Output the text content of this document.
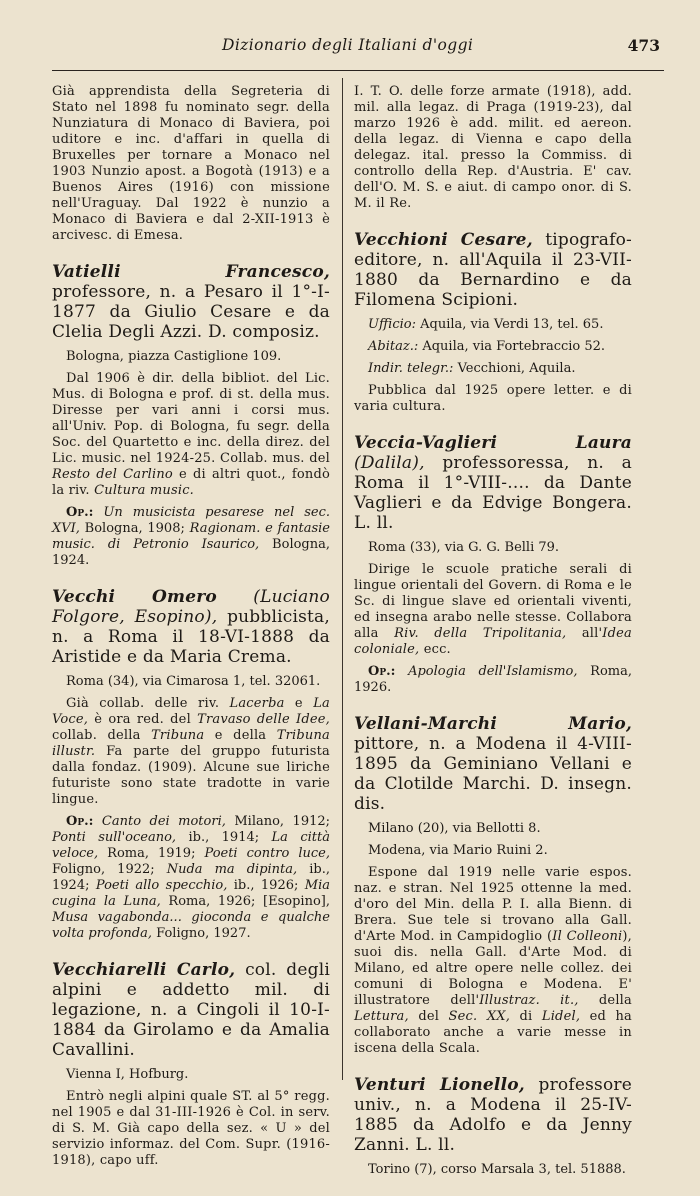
Dizionario degli Italiani d'oggi	473

Già apprendista della Segreteria di Stato nel 1898 fu nominato segr. della Nunziatura di Monaco di Baviera, poi uditore e inc. d'affari in quella di Bruxelles per tornare a Monaco nel 1903 Nunzio apost. a Bogotà (1913) e a Buenos Aires (1916) con missione nell'Uraguay. Dal 1922 è nunzio a Monaco di Baviera e dal 2-XII-1913 è arcivesc. di Emesa.

Vatielli Francesco, professore, n. a Pesaro il 1°-I-1877 da Giulio Cesare e da Clelia Degli Azzi. D. composiz.

Bologna, piazza Castiglione 109.

Dal 1906 è dir. della bibliot. del Lic. Mus. di Bologna e prof. di st. della mus. Diresse per vari anni i corsi mus. all'Univ. Pop. di Bologna, fu segr. della Soc. del Quartetto e inc. della direz. del Lic. music. nel 1924-25. Collab. mus. del Resto del Carlino e di altri quot., fondò la riv. Cultura music.

Op.: Un musicista pesarese nel sec. XVI, Bologna, 1908; Ragionam. e fantasie music. di Petronio Isaurico, Bologna, 1924.

Vecchi Omero (Luciano Folgore, Esopino), pubblicista, n. a Roma il 18-VI-1888 da Aristide e da Maria Crema.

Roma (34), via Cimarosa 1, tel. 32061.

Già collab. delle riv. Lacerba e La Voce, è ora red. del Travaso delle Idee, collab. della Tribuna e della Tribuna illustr. Fa parte del gruppo futurista dalla fondaz. (1909). Alcune sue liriche futuriste sono state tradotte in varie lingue.

Op.: Canto dei motori, Milano, 1912; Ponti sull'oceano, ib., 1914; La città veloce, Roma, 1919; Poeti contro luce, Foligno, 1922; Nuda ma dipinta, ib., 1924; Poeti allo specchio, ib., 1926; Mia cugina la Luna, Roma, 1926; [Esopino], Musa vagabonda... gioconda e qualche volta profonda, Foligno, 1927.

Vecchiarelli Carlo, col. degli alpini e addetto mil. di legazione, n. a Cingoli il 10-I-1884 da Girolamo e da Amalia Cavallini.

Vienna I, Hofburg.

Entrò negli alpini quale ST. al 5° regg. nel 1905 e dal 31-III-1926 è Col. in serv. di S. M. Già capo della sez. « U » del servizio informaz. del Com. Supr. (1916-1918), capo uff.

I. T. O. delle forze armate (1918), add. mil. alla legaz. di Praga (1919-23), dal marzo 1926 è add. milit. ed aereon. della legaz. di Vienna e capo della delegaz. ital. presso la Commiss. di controllo della Rep. d'Austria. E' cav. dell'O. M. S. e aiut. di campo onor. di S. M. il Re.

Vecchioni Cesare, tipografo-editore, n. all'Aquila il 23-VII-1880 da Bernardino e da Filomena Scipioni.

Ufficio: Aquila, via Verdi 13, tel. 65.

Abitaz.: Aquila, via Fortebraccio 52.

Indir. telegr.: Vecchioni, Aquila.

Pubblica dal 1925 opere letter. e di varia cultura.

Veccia-Vaglieri Laura (Dalila), professoressa, n. a Roma il 1°-VIII-.... da Dante Vaglieri e da Edvige Bongera. L. ll.

Roma (33), via G. G. Belli 79.

Dirige le scuole pratiche serali di lingue orientali del Govern. di Roma e le Sc. di lingue slave ed orientali viventi, ed insegna arabo nelle stesse. Collabora alla Riv. della Tripolitania, all'Idea coloniale, ecc.

Op.: Apologia dell'Islamismo, Roma, 1926.

Vellani-Marchi Mario, pittore, n. a Modena il 4-VIII-1895 da Geminiano Vellani e da Clotilde Marchi. D. insegn. dis.

Milano (20), via Bellotti 8.

Modena, via Mario Ruini 2.

Espone dal 1919 nelle varie espos. naz. e stran. Nel 1925 ottenne la med. d'oro del Min. della P. I. alla Bienn. di Brera. Sue tele si trovano alla Gall. d'Arte Mod. in Campidoglio (Il Colleoni), suoi dis. nella Gall. d'Arte Mod. di Milano, ed altre opere nelle collez. dei comuni di Bologna e Modena. E' illustratore dell'Illustraz. it., della Lettura, del Sec. XX, di Lidel, ed ha collaborato anche a varie messe in iscena della Scala.

Venturi Lionello, professore univ., n. a Modena il 25-IV-1885 da Adolfo e da Jenny Zanni. L. ll.

Torino (7), corso Marsala 3, tel. 51888.
